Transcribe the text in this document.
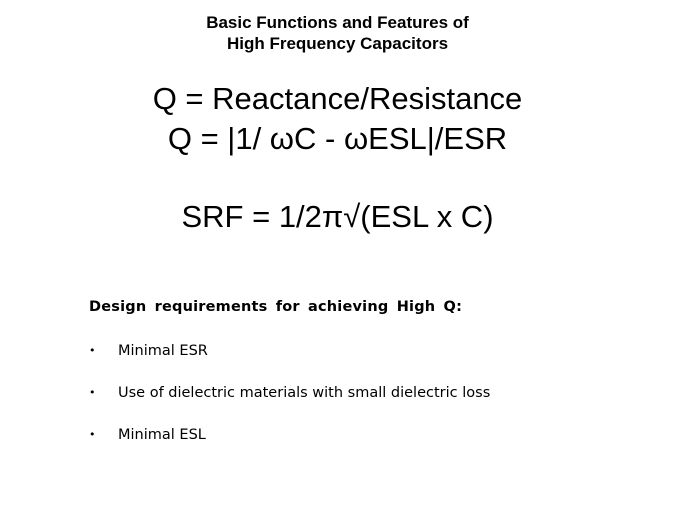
Basic Functions and Features of
High Frequency Capacitors
Q = Reactance/Resistance
Q = |1/ ωC - ωESL|/ESR
SRF = 1/2π√(ESL x C)
Design requirements for achieving High Q:
• Minimal ESR
• Use of dielectric materials with small dielectric loss
• Minimal ESL
